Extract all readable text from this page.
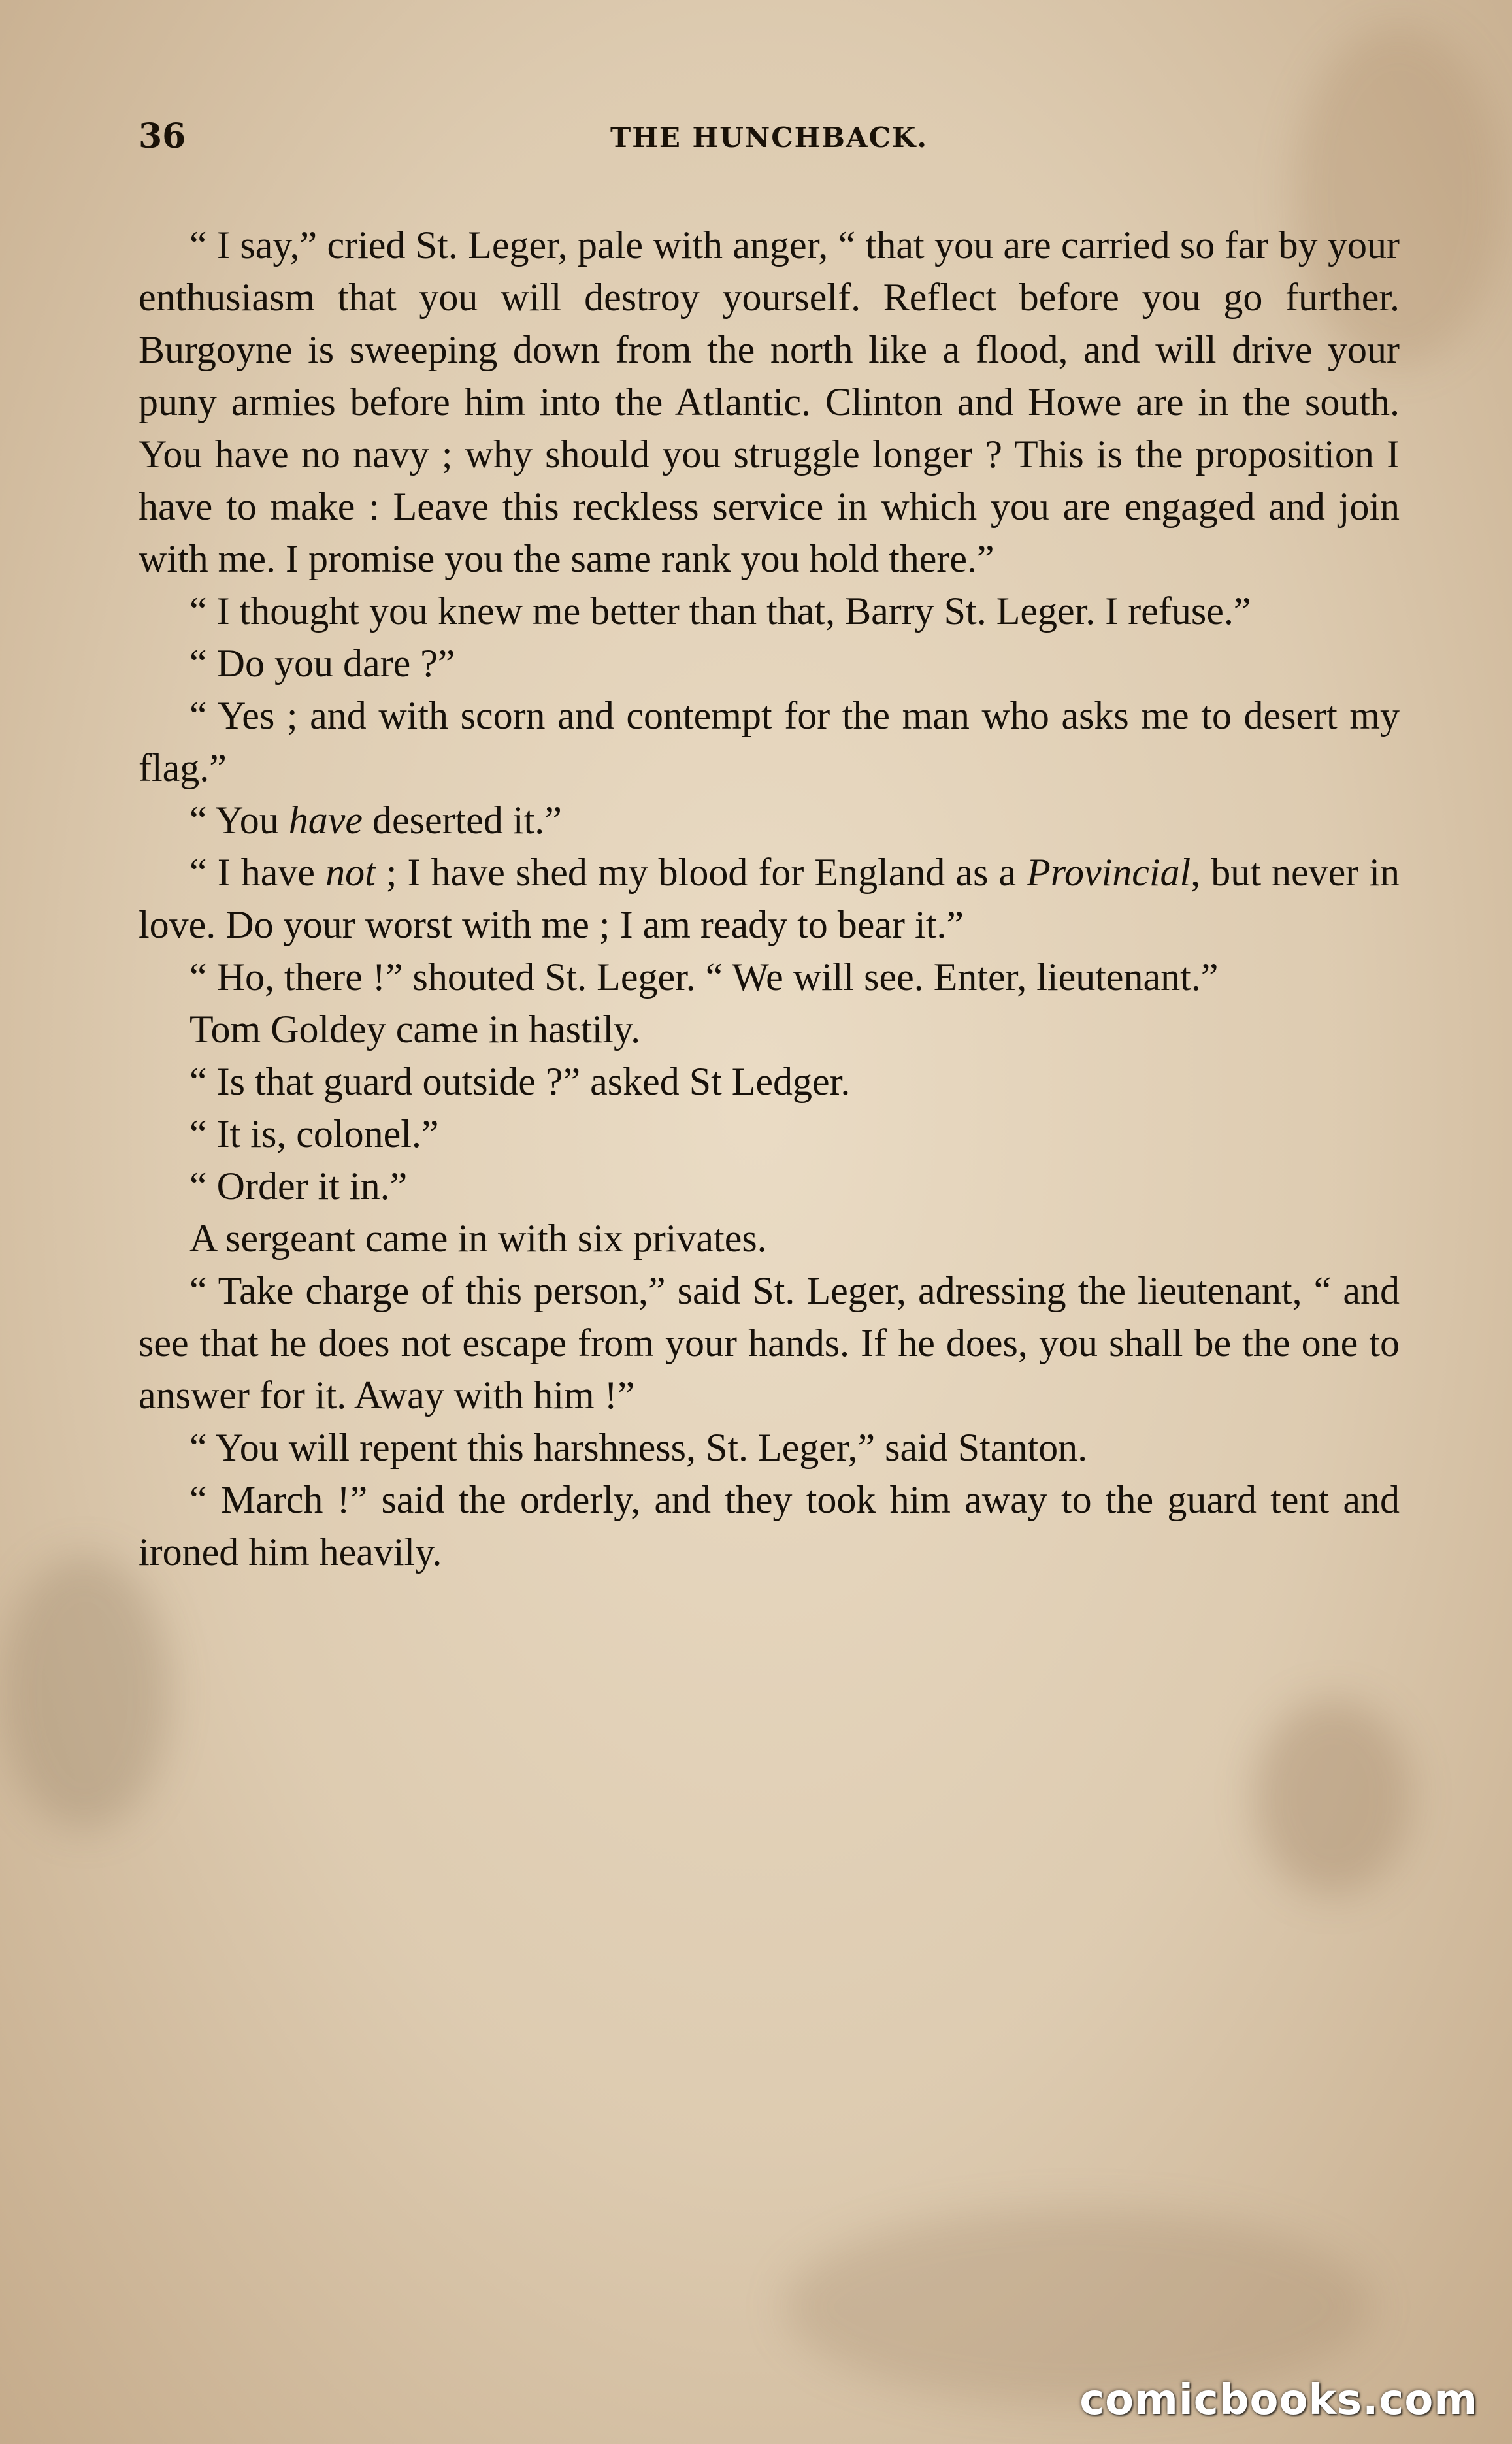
36	THE HUNCHBACK.

“ I say,” cried St. Leger, pale with anger, “ that you are carried so far by your enthusiasm that you will destroy yourself. Reflect before you go further. Burgoyne is sweeping down from the north like a flood, and will drive your puny armies before him into the Atlantic. Clinton and Howe are in the south. You have no navy ; why should you struggle longer ? This is the proposition I have to make : Leave this reckless service in which you are engaged and join with me. I promise you the same rank you hold there.”

“ I thought you knew me better than that, Barry St. Leger. I refuse.”

“ Do you dare ?”

“ Yes ; and with scorn and contempt for the man who asks me to desert my flag.”

“ You have deserted it.”

“ I have not ; I have shed my blood for England as a Provincial, but never in love. Do your worst with me ; I am ready to bear it.”

“ Ho, there !” shouted St. Leger. “ We will see. Enter, lieutenant.”

Tom Goldey came in hastily.

“ Is that guard outside ?” asked St Ledger.

“ It is, colonel.”

“ Order it in.”

A sergeant came in with six privates.

“ Take charge of this person,” said St. Leger, adressing the lieutenant, “ and see that he does not escape from your hands. If he does, you shall be the one to answer for it. Away with him !”

“ You will repent this harshness, St. Leger,” said Stanton.

“ March !” said the orderly, and they took him away to the guard tent and ironed him heavily.

comicbooks.com
